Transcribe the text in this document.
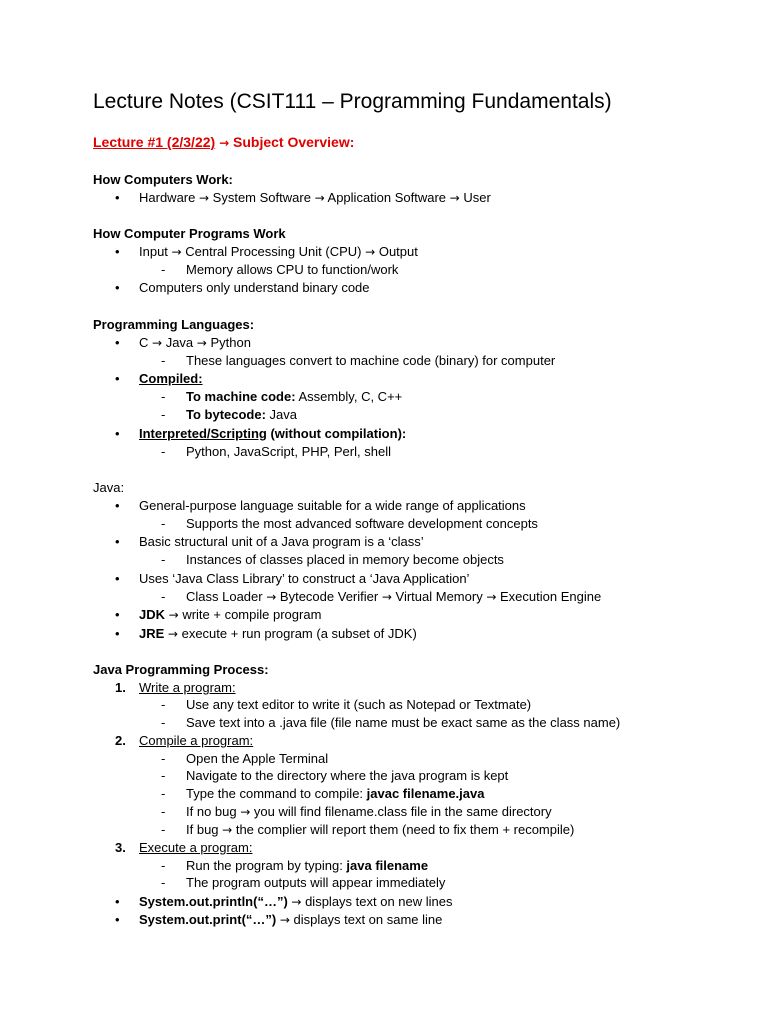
Lecture Notes (CSIT111 – Programming Fundamentals)
Lecture #1 (2/3/22) → Subject Overview:
How Computers Work:
• Hardware → System Software → Application Software → User
How Computer Programs Work
• Input → Central Processing Unit (CPU) → Output
- Memory allows CPU to function/work
• Computers only understand binary code
Programming Languages:
• C → Java → Python
- These languages convert to machine code (binary) for computer
• Compiled:
- To machine code: Assembly, C, C++
- To bytecode: Java
• Interpreted/Scripting (without compilation):
- Python, JavaScript, PHP, Perl, shell
Java:
• General-purpose language suitable for a wide range of applications
- Supports the most advanced software development concepts
• Basic structural unit of a Java program is a ‘class’
- Instances of classes placed in memory become objects
• Uses ‘Java Class Library’ to construct a ‘Java Application’
- Class Loader → Bytecode Verifier → Virtual Memory → Execution Engine
• JDK → write + compile program
• JRE → execute + run program (a subset of JDK)
Java Programming Process:
1. Write a program:
- Use any text editor to write it (such as Notepad or Textmate)
- Save text into a .java file (file name must be exact same as the class name)
2. Compile a program:
- Open the Apple Terminal
- Navigate to the directory where the java program is kept
- Type the command to compile: javac filename.java
- If no bug → you will find filename.class file in the same directory
- If bug → the complier will report them (need to fix them + recompile)
3. Execute a program:
- Run the program by typing: java filename
- The program outputs will appear immediately
• System.out.println(“…”) → displays text on new lines
• System.out.print(“…”) → displays text on same line
